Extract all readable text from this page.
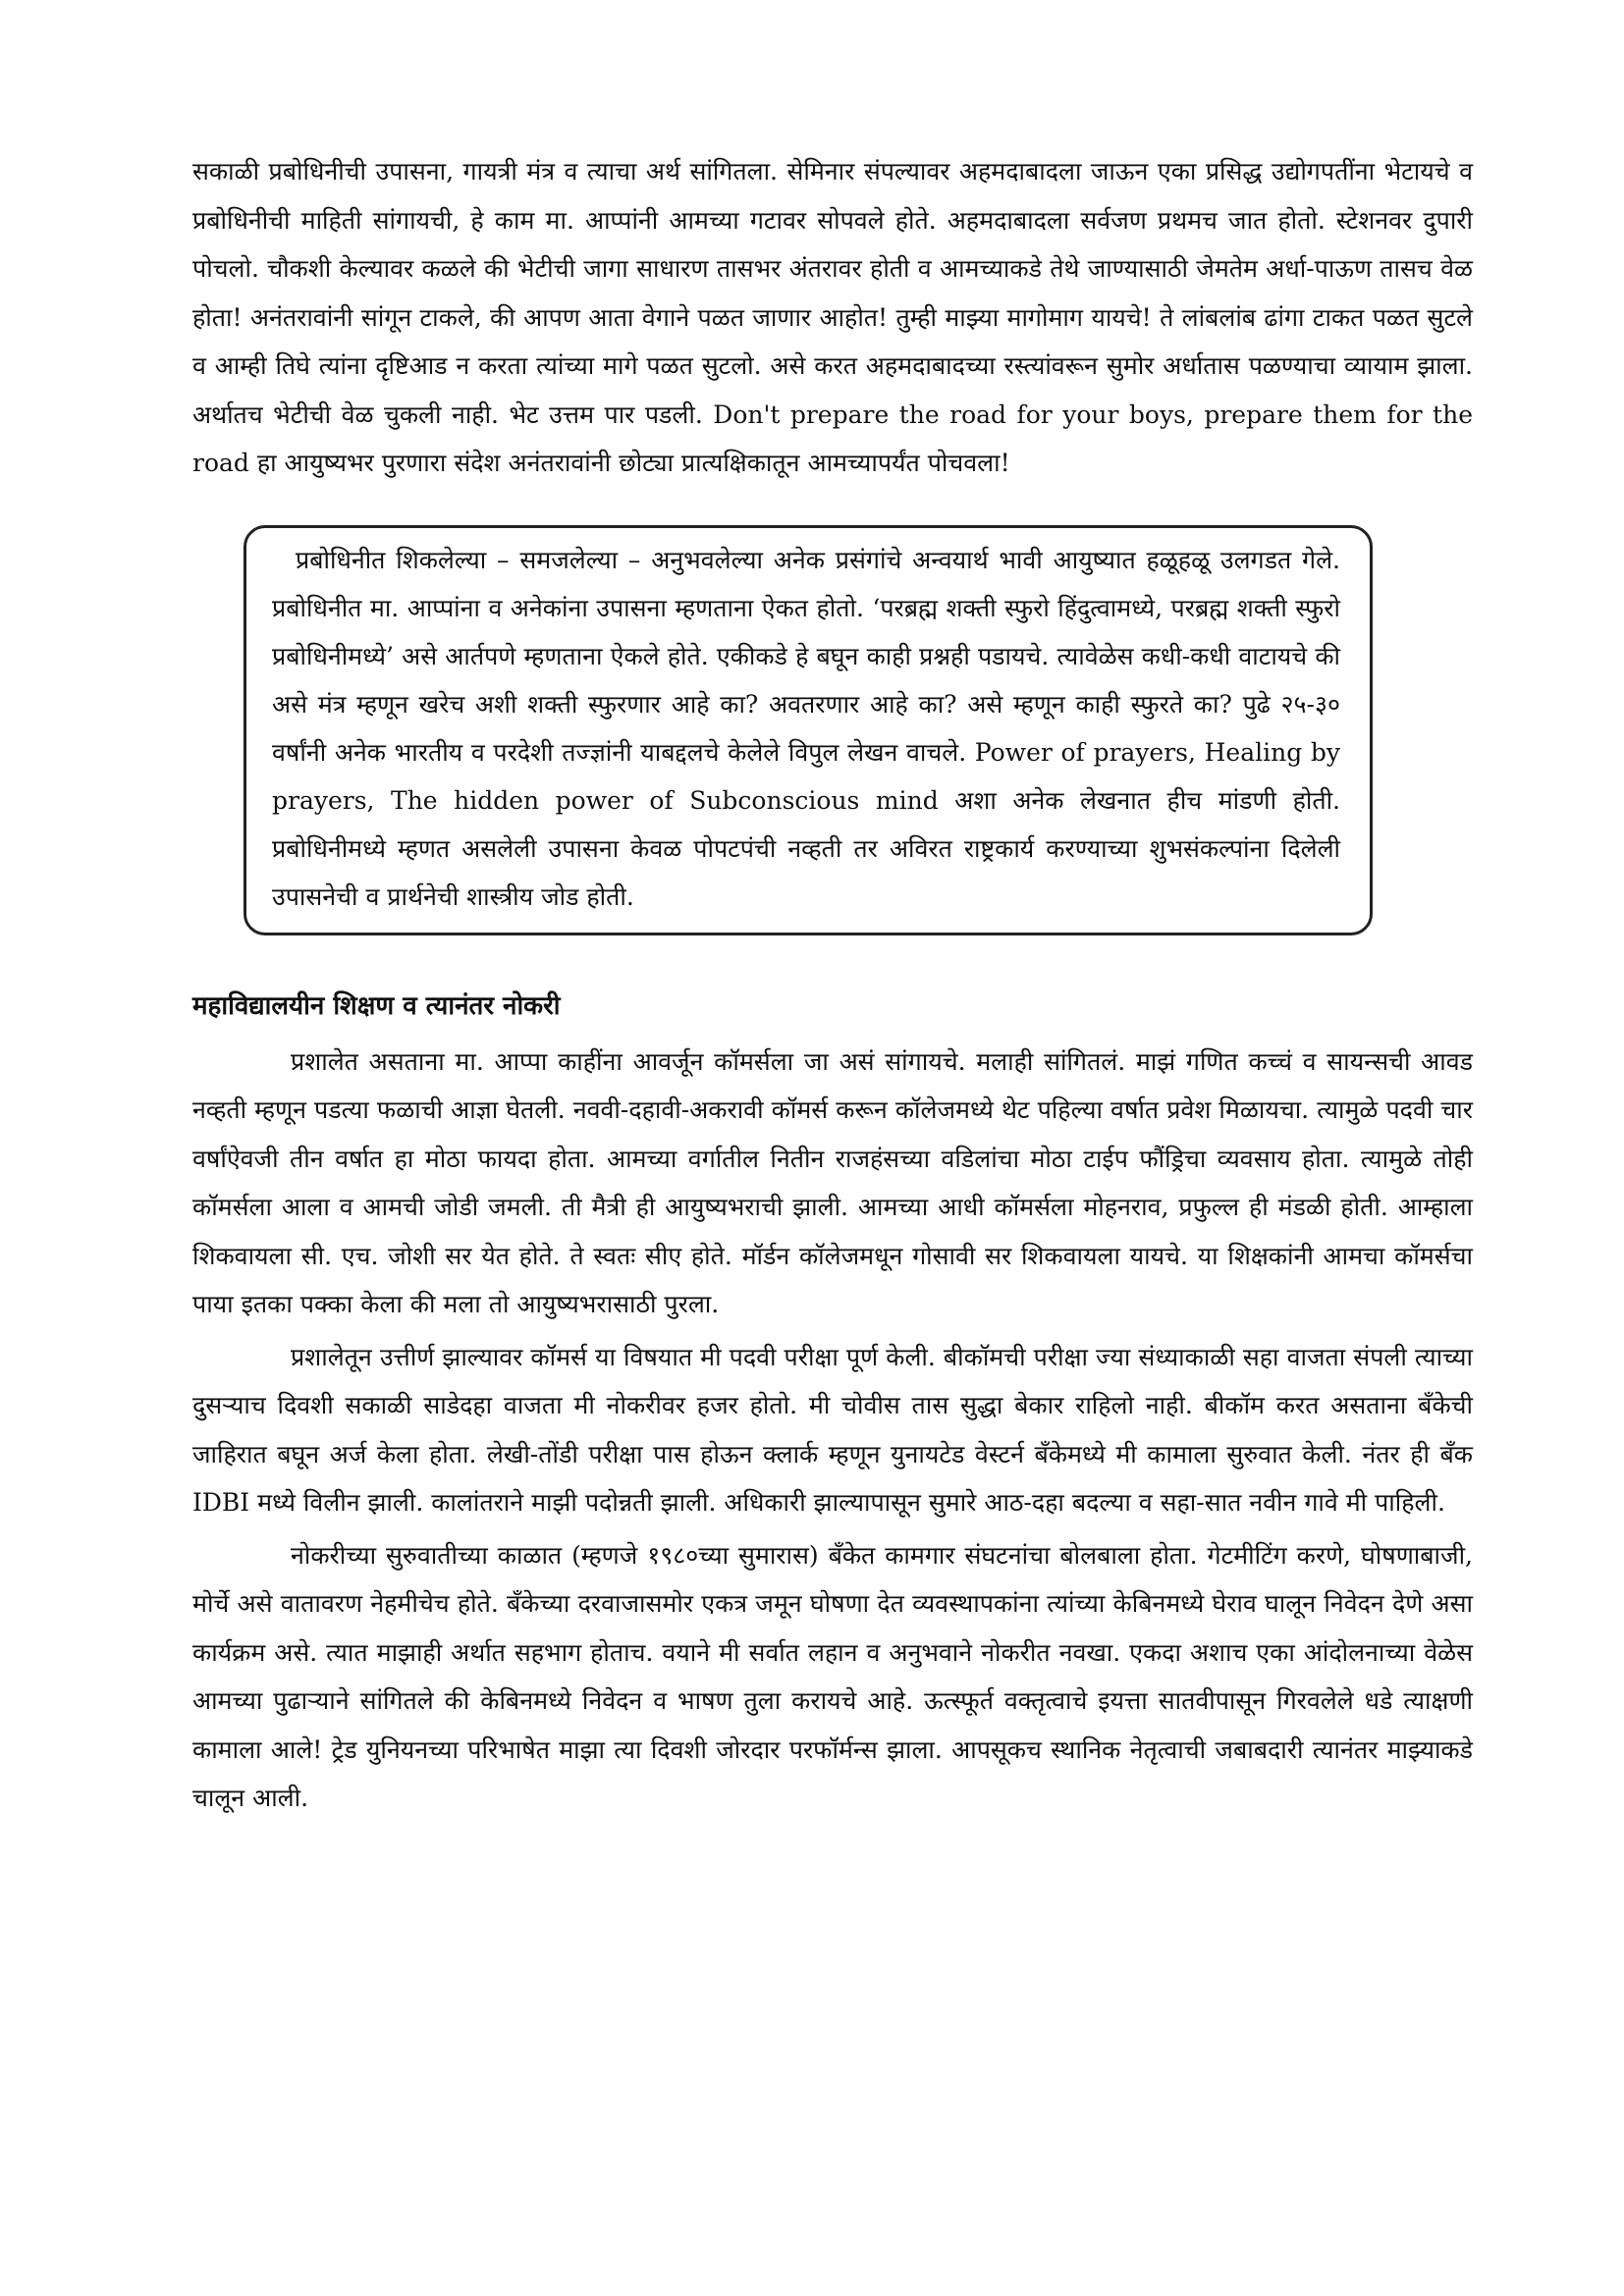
सकाळी प्रबोधिनीची उपासना, गायत्री मंत्र व त्याचा अर्थ सांगितला. सेमिनार संपल्यावर अहमदाबादला जाऊन एका प्रसिद्ध उद्योगपतींना भेटायचे व प्रबोधिनीची माहिती सांगायची, हे काम मा. आप्पांनी आमच्या गटावर सोपवले होते. अहमदाबादला सर्वजण प्रथमच जात होतो. स्टेशनवर दुपारी पोचलो. चौकशी केल्यावर कळले की भेटीची जागा साधारण तासभर अंतरावर होती व आमच्याकडे तेथे जाण्यासाठी जेमतेम अर्धा-पाऊण तासच वेळ होता! अनंतरावांनी सांगून टाकले, की आपण आता वेगाने पळत जाणार आहोत! तुम्ही माझ्या मागोमाग यायचे! ते लांबलांब ढांगा टाकत पळत सुटले व आम्ही तिघे त्यांना दृष्टिआड न करता त्यांच्या मागे पळत सुटलो. असे करत अहमदाबादच्या रस्त्यांवरून सुमोर अर्धातास पळण्याचा व्यायाम झाला. अर्थातच भेटीची वेळ चुकली नाही. भेट उत्तम पार पडली. Don't prepare the road for your boys, prepare them for the road हा आयुष्यभर पुरणारा संदेश अनंतरावांनी छोट्या प्रात्यक्षिकातून आमच्यापर्यंत पोचवला!

प्रबोधिनीत शिकलेल्या – समजलेल्या – अनुभवलेल्या अनेक प्रसंगांचे अन्वयार्थ भावी आयुष्यात हळूहळू उलगडत गेले. प्रबोधिनीत मा. आप्पांना व अनेकांना उपासना म्हणताना ऐकत होतो. ‘परब्रह्म शक्ती स्फुरो हिंदुत्वामध्ये, परब्रह्म शक्ती स्फुरो प्रबोधिनीमध्ये’ असे आर्तपणे म्हणताना ऐकले होते. एकीकडे हे बघून काही प्रश्नही पडायचे. त्यावेळेस कधी-कधी वाटायचे की असे मंत्र म्हणून खरेच अशी शक्ती स्फुरणार आहे का? अवतरणार आहे का? असे म्हणून काही स्फुरते का? पुढे २५-३० वर्षांनी अनेक भारतीय व परदेशी तज्ज्ञांनी याबद्दलचे केलेले विपुल लेखन वाचले. Power of prayers, Healing by prayers, The hidden power of Subconscious mind अशा अनेक लेखनात हीच मांडणी होती. प्रबोधिनीमध्ये म्हणत असलेली उपासना केवळ पोपटपंची नव्हती तर अविरत राष्ट्रकार्य करण्याच्या शुभसंकल्पांना दिलेली उपासनेची व प्रार्थनेची शास्त्रीय जोड होती.

महाविद्यालयीन शिक्षण व त्यानंतर नोकरी

प्रशालेत असताना मा. आप्पा काहींना आवर्जून कॉमर्सला जा असं सांगायचे. मलाही सांगितलं. माझं गणित कच्चं व सायन्सची आवड नव्हती म्हणून पडत्या फळाची आज्ञा घेतली. नववी-दहावी-अकरावी कॉमर्स करून कॉलेजमध्ये थेट पहिल्या वर्षात प्रवेश मिळायचा. त्यामुळे पदवी चार वर्षांऐवजी तीन वर्षात हा मोठा फायदा होता. आमच्या वर्गातील नितीन राजहंसच्या वडिलांचा मोठा टाईप फौंड्रिचा व्यवसाय होता. त्यामुळे तोही कॉमर्सला आला व आमची जोडी जमली. ती मैत्री ही आयुष्यभराची झाली. आमच्या आधी कॉमर्सला मोहनराव, प्रफुल्ल ही मंडळी होती. आम्हाला शिकवायला सी. एच. जोशी सर येत होते. ते स्वतः सीए होते. मॉर्डन कॉलेजमधून गोसावी सर शिकवायला यायचे. या शिक्षकांनी आमचा कॉमर्सचा पाया इतका पक्का केला की मला तो आयुष्यभरासाठी पुरला.

प्रशालेतून उत्तीर्ण झाल्यावर कॉमर्स या विषयात मी पदवी परीक्षा पूर्ण केली. बीकॉमची परीक्षा ज्या संध्याकाळी सहा वाजता संपली त्याच्या दुसऱ्याच दिवशी सकाळी साडेदहा वाजता मी नोकरीवर हजर होतो. मी चोवीस तास सुद्धा बेकार राहिलो नाही. बीकॉम करत असताना बँकेची जाहिरात बघून अर्ज केला होता. लेखी-तोंडी परीक्षा पास होऊन क्लार्क म्हणून युनायटेड वेस्टर्न बँकेमध्ये मी कामाला सुरुवात केली. नंतर ही बँक IDBI मध्ये विलीन झाली. कालांतराने माझी पदोन्नती झाली. अधिकारी झाल्यापासून सुमारे आठ-दहा बदल्या व सहा-सात नवीन गावे मी पाहिली.

नोकरीच्या सुरुवातीच्या काळात (म्हणजे १९८०च्या सुमारास) बँकेत कामगार संघटनांचा बोलबाला होता. गेटमीटिंग करणे, घोषणाबाजी, मोर्चे असे वातावरण नेहमीचेच होते. बँकेच्या दरवाजासमोर एकत्र जमून घोषणा देत व्यवस्थापकांना त्यांच्या केबिनमध्ये घेराव घालून निवेदन देणे असा कार्यक्रम असे. त्यात माझाही अर्थात सहभाग होताच. वयाने मी सर्वात लहान व अनुभवाने नोकरीत नवखा. एकदा अशाच एका आंदोलनाच्या वेळेस आमच्या पुढाऱ्याने सांगितले की केबिनमध्ये निवेदन व भाषण तुला करायचे आहे. ऊत्स्फूर्त वक्तृत्वाचे इयत्ता सातवीपासून गिरवलेले धडे त्याक्षणी कामाला आले! ट्रेड युनियनच्या परिभाषेत माझा त्या दिवशी जोरदार परफॉर्मन्स झाला. आपसूकच स्थानिक नेतृत्वाची जबाबदारी त्यानंतर माझ्याकडे चालून आली.
